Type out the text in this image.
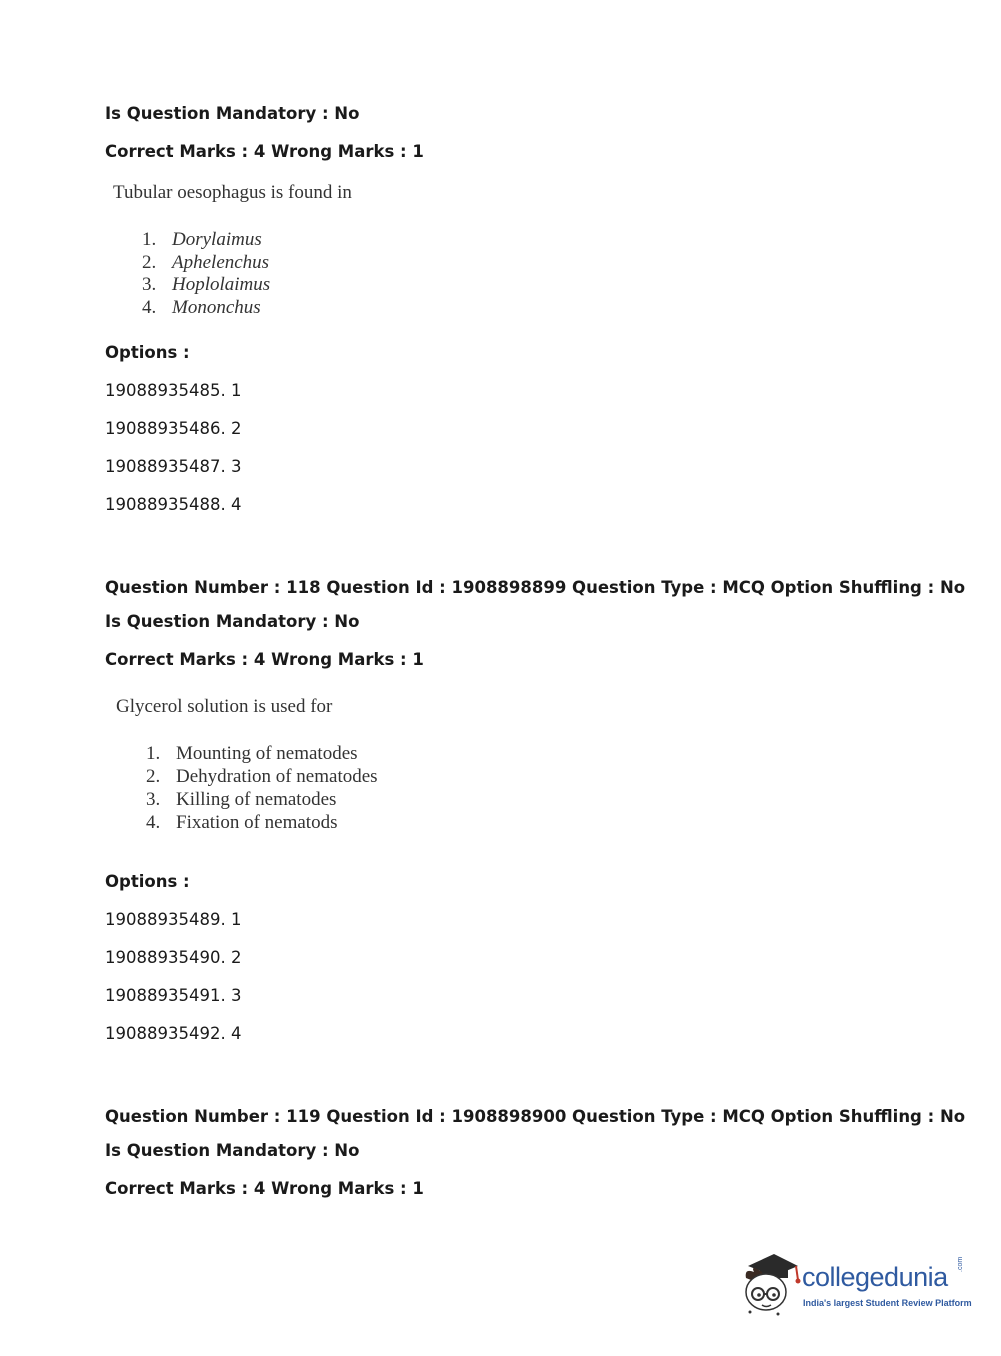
Is Question Mandatory : No
Correct Marks : 4 Wrong Marks : 1
Tubular oesophagus is found in
1. Dorylaimus
2. Aphelenchus
3. Hoplolaimus
4. Mononchus
Options :
19088935485. 1
19088935486. 2
19088935487. 3
19088935488. 4
Question Number : 118 Question Id : 1908898899 Question Type : MCQ Option Shuffling : No
Is Question Mandatory : No
Correct Marks : 4 Wrong Marks : 1
Glycerol solution is used for
1. Mounting of nematodes
2. Dehydration of nematodes
3. Killing of nematodes
4. Fixation of nematods
Options :
19088935489. 1
19088935490. 2
19088935491. 3
19088935492. 4
Question Number : 119 Question Id : 1908898900 Question Type : MCQ Option Shuffling : No
Is Question Mandatory : No
Correct Marks : 4 Wrong Marks : 1
collegedunia .com
India's largest Student Review Platform
